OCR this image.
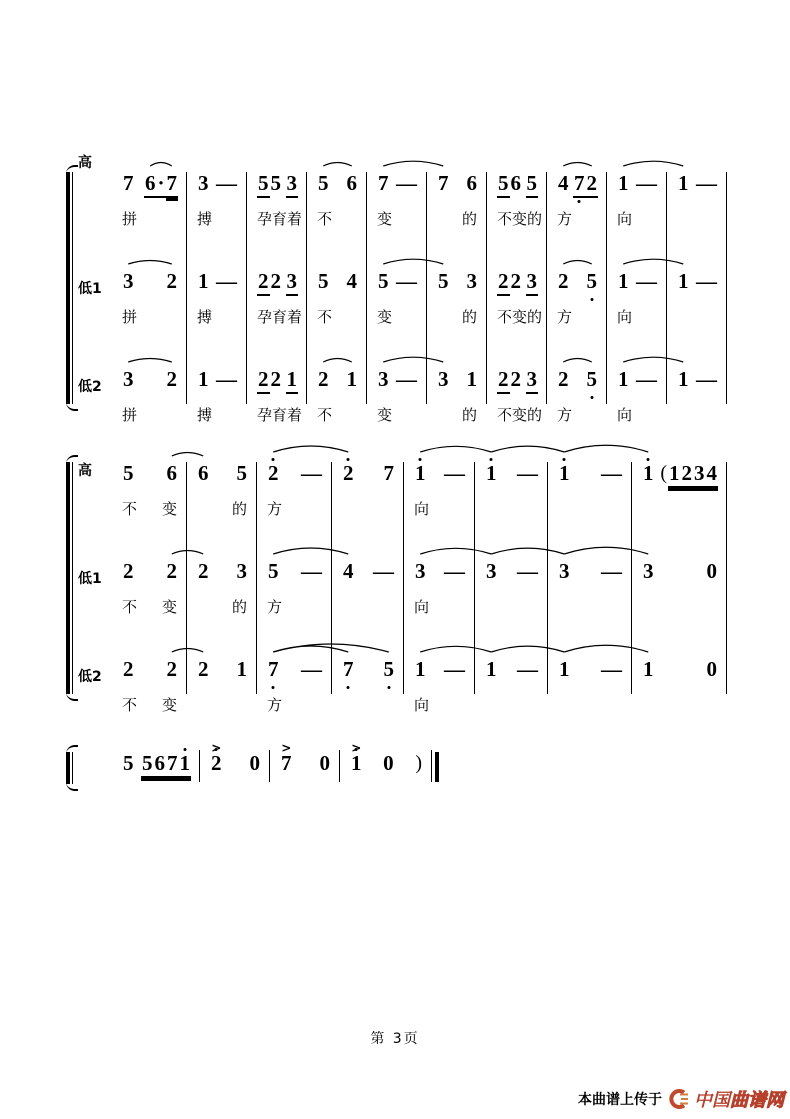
高
低1
低2
7 6 · 7
拼
3 2
拼
3 2
拼
3 —
搏
1 —
搏
1 —
搏
5 5 3
孕育 着
2 2 3
孕育 着
2 2 1
孕育 着
5 6
不
5 4
不
2 1
不
7 —
变
5 —
变
3 —
变
7 6
的
5 3
的
3 1
的
5 6 5
不变 的
2 2 3
不变 的
2 2 3
不变 的
4 7 2
方
2 5
方
2 5
方
1 —
向
1 —
向
1 —
向
1 —
1 —
1 —
高
低1
低2
5 6
不 变
2 2
不 变
2 2
不 变
6 5
的
2 3
的
2 1
2 —
方
5 —
方
7 —
方
2 7
4 —
7 5
1 —
向
3 —
向
1 —
向
1 —
3 —
1 —
1 —
3 —
1 —
1 ( 1 2 3 4
3	0
1	0
5 5 6 7 1 2 > 0 7 > 0 1 > 0 )
第 3页
本曲谱上传于 中国曲谱网
